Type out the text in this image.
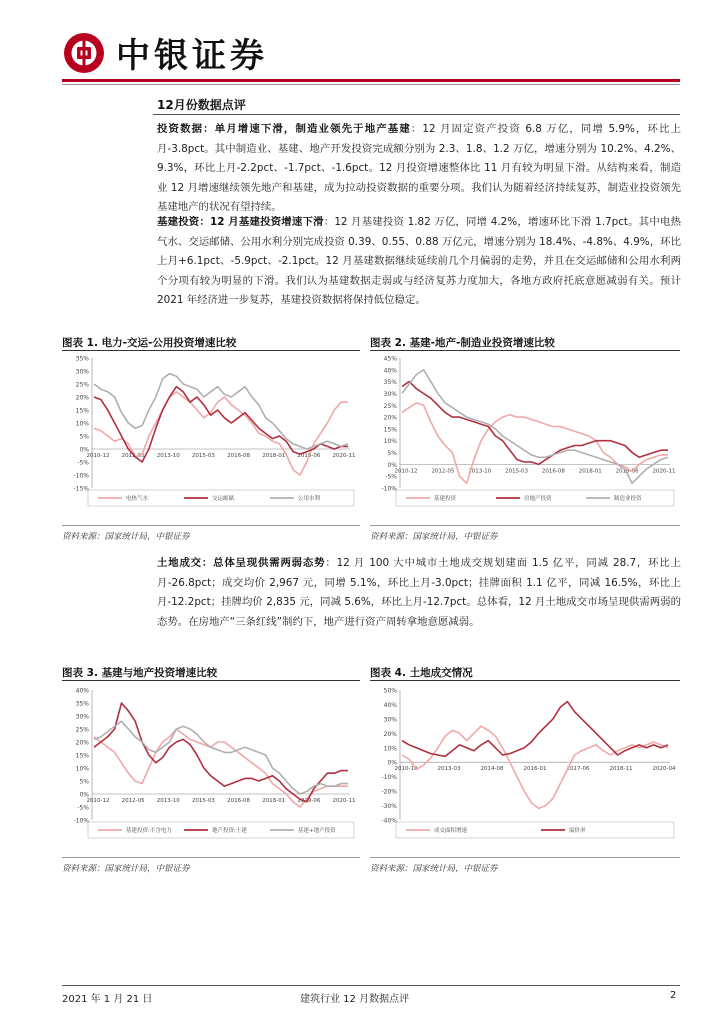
中银证券
12月份数据点评
投资数据：单月增速下滑，制造业领先于地产基建：12 月固定资产投资 6.8 万亿，同增 5.9%，环比上月-3.8pct。其中制造业、基建、地产开发投资完成额分别为 2.3、1.8、1.2 万亿，增速分别为 10.2%、4.2%、9.3%，环比上月-2.2pct、-1.7pct、-1.6pct。12 月投资增速整体比 11 月有较为明显下滑。从结构来看，制造业 12 月增速继续领先地产和基建，成为拉动投资数据的重要分项。我们认为随着经济持续复苏，制造业投资领先基建地产的状况有望持续。
基建投资：12 月基建投资增速下滑：12 月基建投资 1.82 万亿，同增 4.2%，增速环比下滑 1.7pct。其中电热气水、交运邮储、公用水利分别完成投资 0.39、0.55、0.88 万亿元，增速分别为 18.4%、-4.8%、4.9%，环比上月+6.1pct、-5.9pct、-2.1pct。12 月基建数据继续延续前几个月偏弱的走势，并且在交运邮储和公用水利两个分项有较为明显的下滑。我们认为基建数据走弱或与经济复苏力度加大，各地方政府托底意愿减弱有关。预计 2021 年经济进一步复苏，基建投资数据将保持低位稳定。
图表 1. 电力-交运-公用投资增速比较	图表 2. 基建-地产-制造业投资增速比较
-15%
-10%
-5%
0%
5%
10%
15%
20%
25%
30%
35%
2010-12 2012-05 2013-10 2015-03 2016-08 2018-01 2019-06 2020-11
电热气水	交运邮储	公用水利
-10%
-5%
0%
5%
10%
15%
20%
25%
30%
35%
40%
45%
2010-12	2012-05	2013-10	2015-03	2016-08	2018-01	2019-06	2020-11
基建投资	房地产投资	制造业投资
资料来源：国家统计局，中银证券	资料来源：国家统计局，中银证券
土地成交：总体呈现供需两弱态势：12 月 100 大中城市土地成交规划建面 1.5 亿平，同减 28.7，环比上月-26.8pct；成交均价 2,967 元，同增 5.1%，环比上月-3.0pct；挂牌面积 1.1 亿平，同减 16.5%，环比上月-12.2pct；挂牌均价 2,835 元，同减 5.6%，环比上月-12.7pct。总体看，12 月土地成交市场呈现供需两弱的态势。在房地产“三条红线”制约下，地产进行资产周转拿地意愿减弱。
图表 3. 基建与地产投资增速比较	图表 4. 土地成交情况
-10%
-5%
0%
5%
10%
15%
20%
25%
30%
35%
40%
2010-12 2012-05 2013-10 2015-03 2016-08 2018-01 2019-06 2020-11
基建投资:不含电力	地产投资:土建	基建+地产投资
-40%
-30%
-20%
-10%
0%
10%
20%
30%
40%
50%
2010-10	2013-03	2014-08	2016-01	2017-06	2018-11	2020-04
成交面积增速	溢价率
资料来源：国家统计局，中银证券	资料来源：国家统计局，中银证券
2021 年 1 月 21 日	建筑行业 12 月数据点评	2
